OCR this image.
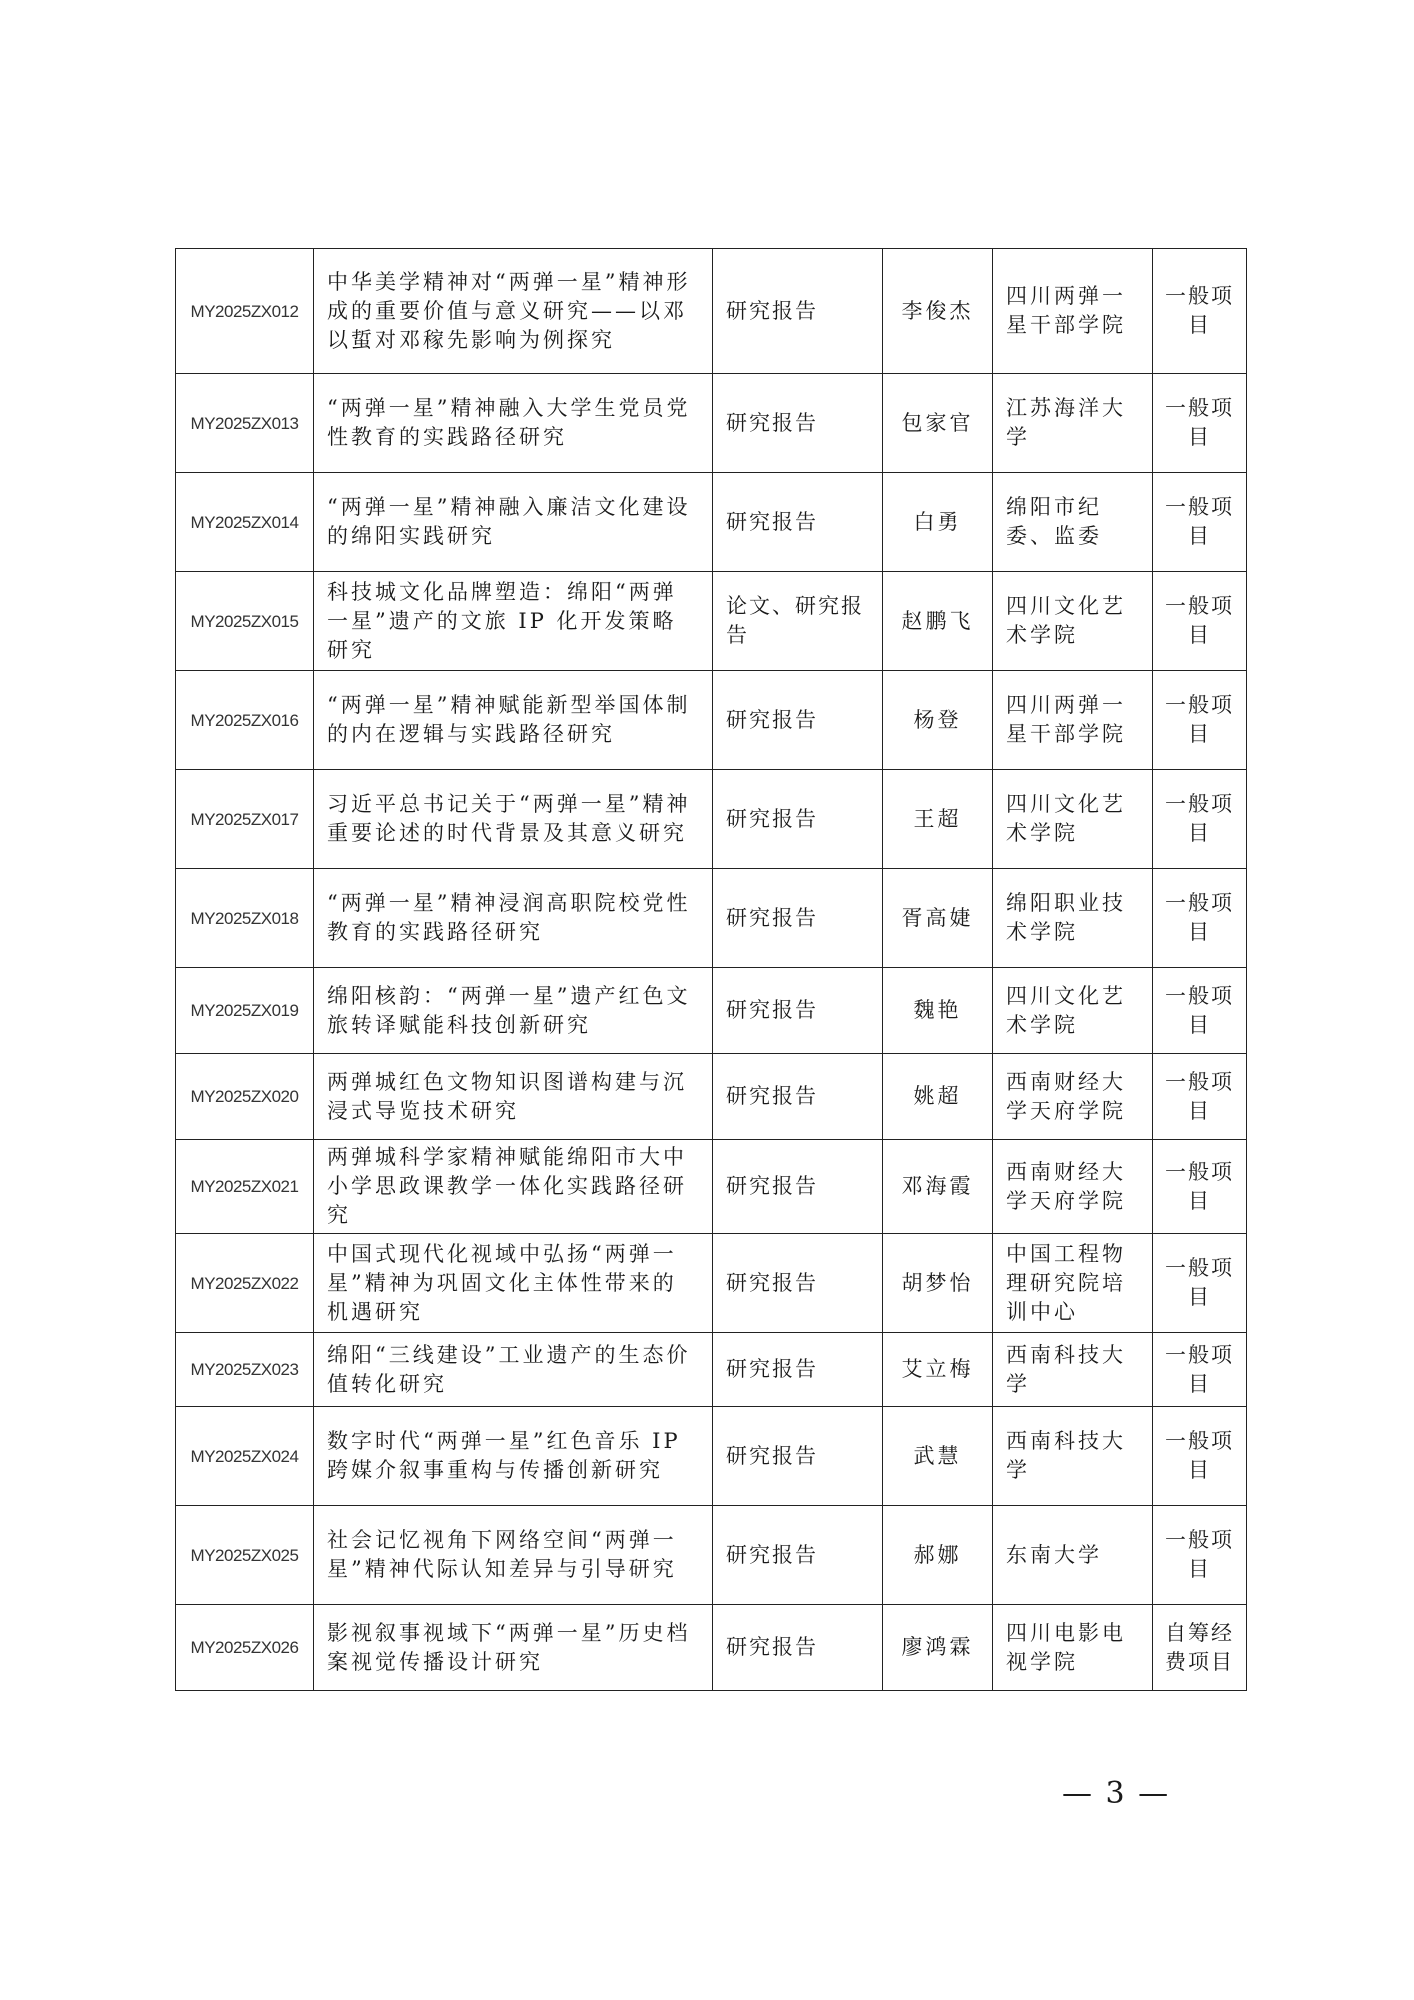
MY2025ZX012	中华美学精神对“两弹一星”精神形成的重要价值与意义研究——以邓以蜇对邓稼先影响为例探究	研究报告	李俊杰	四川两弹一星干部学院	一般项目
MY2025ZX013	“两弹一星”精神融入大学生党员党性教育的实践路径研究	研究报告	包家官	江苏海洋大学	一般项目
MY2025ZX014	“两弹一星”精神融入廉洁文化建设的绵阳实践研究	研究报告	白勇	绵阳市纪委、监委	一般项目
MY2025ZX015	科技城文化品牌塑造：绵阳“两弹一星”遗产的文旅 IP 化开发策略研究	论文、研究报告	赵鹏飞	四川文化艺术学院	一般项目
MY2025ZX016	“两弹一星”精神赋能新型举国体制的内在逻辑与实践路径研究	研究报告	杨登	四川两弹一星干部学院	一般项目
MY2025ZX017	习近平总书记关于“两弹一星”精神重要论述的时代背景及其意义研究	研究报告	王超	四川文化艺术学院	一般项目
MY2025ZX018	“两弹一星”精神浸润高职院校党性教育的实践路径研究	研究报告	胥高婕	绵阳职业技术学院	一般项目
MY2025ZX019	绵阳核韵：“两弹一星”遗产红色文旅转译赋能科技创新研究	研究报告	魏艳	四川文化艺术学院	一般项目
MY2025ZX020	两弹城红色文物知识图谱构建与沉浸式导览技术研究	研究报告	姚超	西南财经大学天府学院	一般项目
MY2025ZX021	两弹城科学家精神赋能绵阳市大中小学思政课教学一体化实践路径研究	研究报告	邓海霞	西南财经大学天府学院	一般项目
MY2025ZX022	中国式现代化视域中弘扬“两弹一星”精神为巩固文化主体性带来的机遇研究	研究报告	胡梦怡	中国工程物理研究院培训中心	一般项目
MY2025ZX023	绵阳“三线建设”工业遗产的生态价值转化研究	研究报告	艾立梅	西南科技大学	一般项目
MY2025ZX024	数字时代“两弹一星”红色音乐 IP 跨媒介叙事重构与传播创新研究	研究报告	武慧	西南科技大学	一般项目
MY2025ZX025	社会记忆视角下网络空间“两弹一星”精神代际认知差异与引导研究	研究报告	郝娜	东南大学	一般项目
MY2025ZX026	影视叙事视域下“两弹一星”历史档案视觉传播设计研究	研究报告	廖鸿霖	四川电影电视学院	自筹经费项目
— 3 —
